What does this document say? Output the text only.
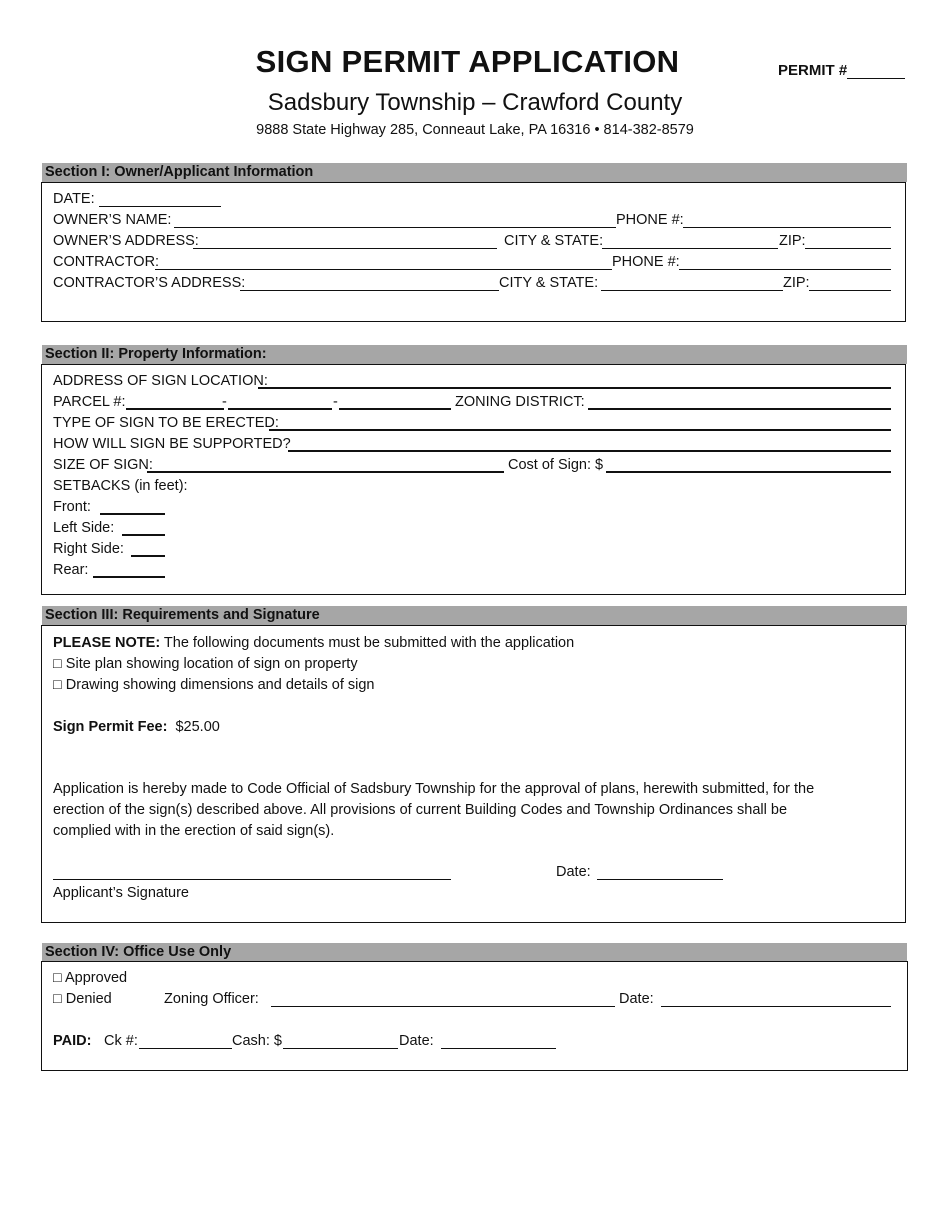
SIGN PERMIT APPLICATION	PERMIT #
Sadsbury Township – Crawford County
9888 State Highway 285, Conneaut Lake, PA 16316 • 814-382-8579
Section I: Owner/Applicant Information
DATE:
OWNER’S NAME:	PHONE #:
OWNER’S ADDRESS:	CITY & STATE:	ZIP:
CONTRACTOR:	PHONE #:
CONTRACTOR’S ADDRESS:	CITY & STATE:	ZIP:
Section II: Property Information:
ADDRESS OF SIGN LOCATION:
PARCEL #:	-	-	ZONING DISTRICT:
TYPE OF SIGN TO BE ERECTED:
HOW WILL SIGN BE SUPPORTED?
SIZE OF SIGN:	Cost of Sign: $
SETBACKS (in feet):
Front:
Left Side:
Right Side:
Rear:
Section III: Requirements and Signature
PLEASE NOTE: The following documents must be submitted with the application
□ Site plan showing location of sign on property
□ Drawing showing dimensions and details of sign
Sign Permit Fee: $25.00
Application is hereby made to Code Official of Sadsbury Township for the approval of plans, herewith submitted, for the
erection of the sign(s) described above. All provisions of current Building Codes and Township Ordinances shall be
complied with in the erection of said sign(s).
Date:
Applicant’s Signature
Section IV: Office Use Only
□ Approved
□ Denied	Zoning Officer:	Date:
PAID: Ck #:	Cash: $	Date:
